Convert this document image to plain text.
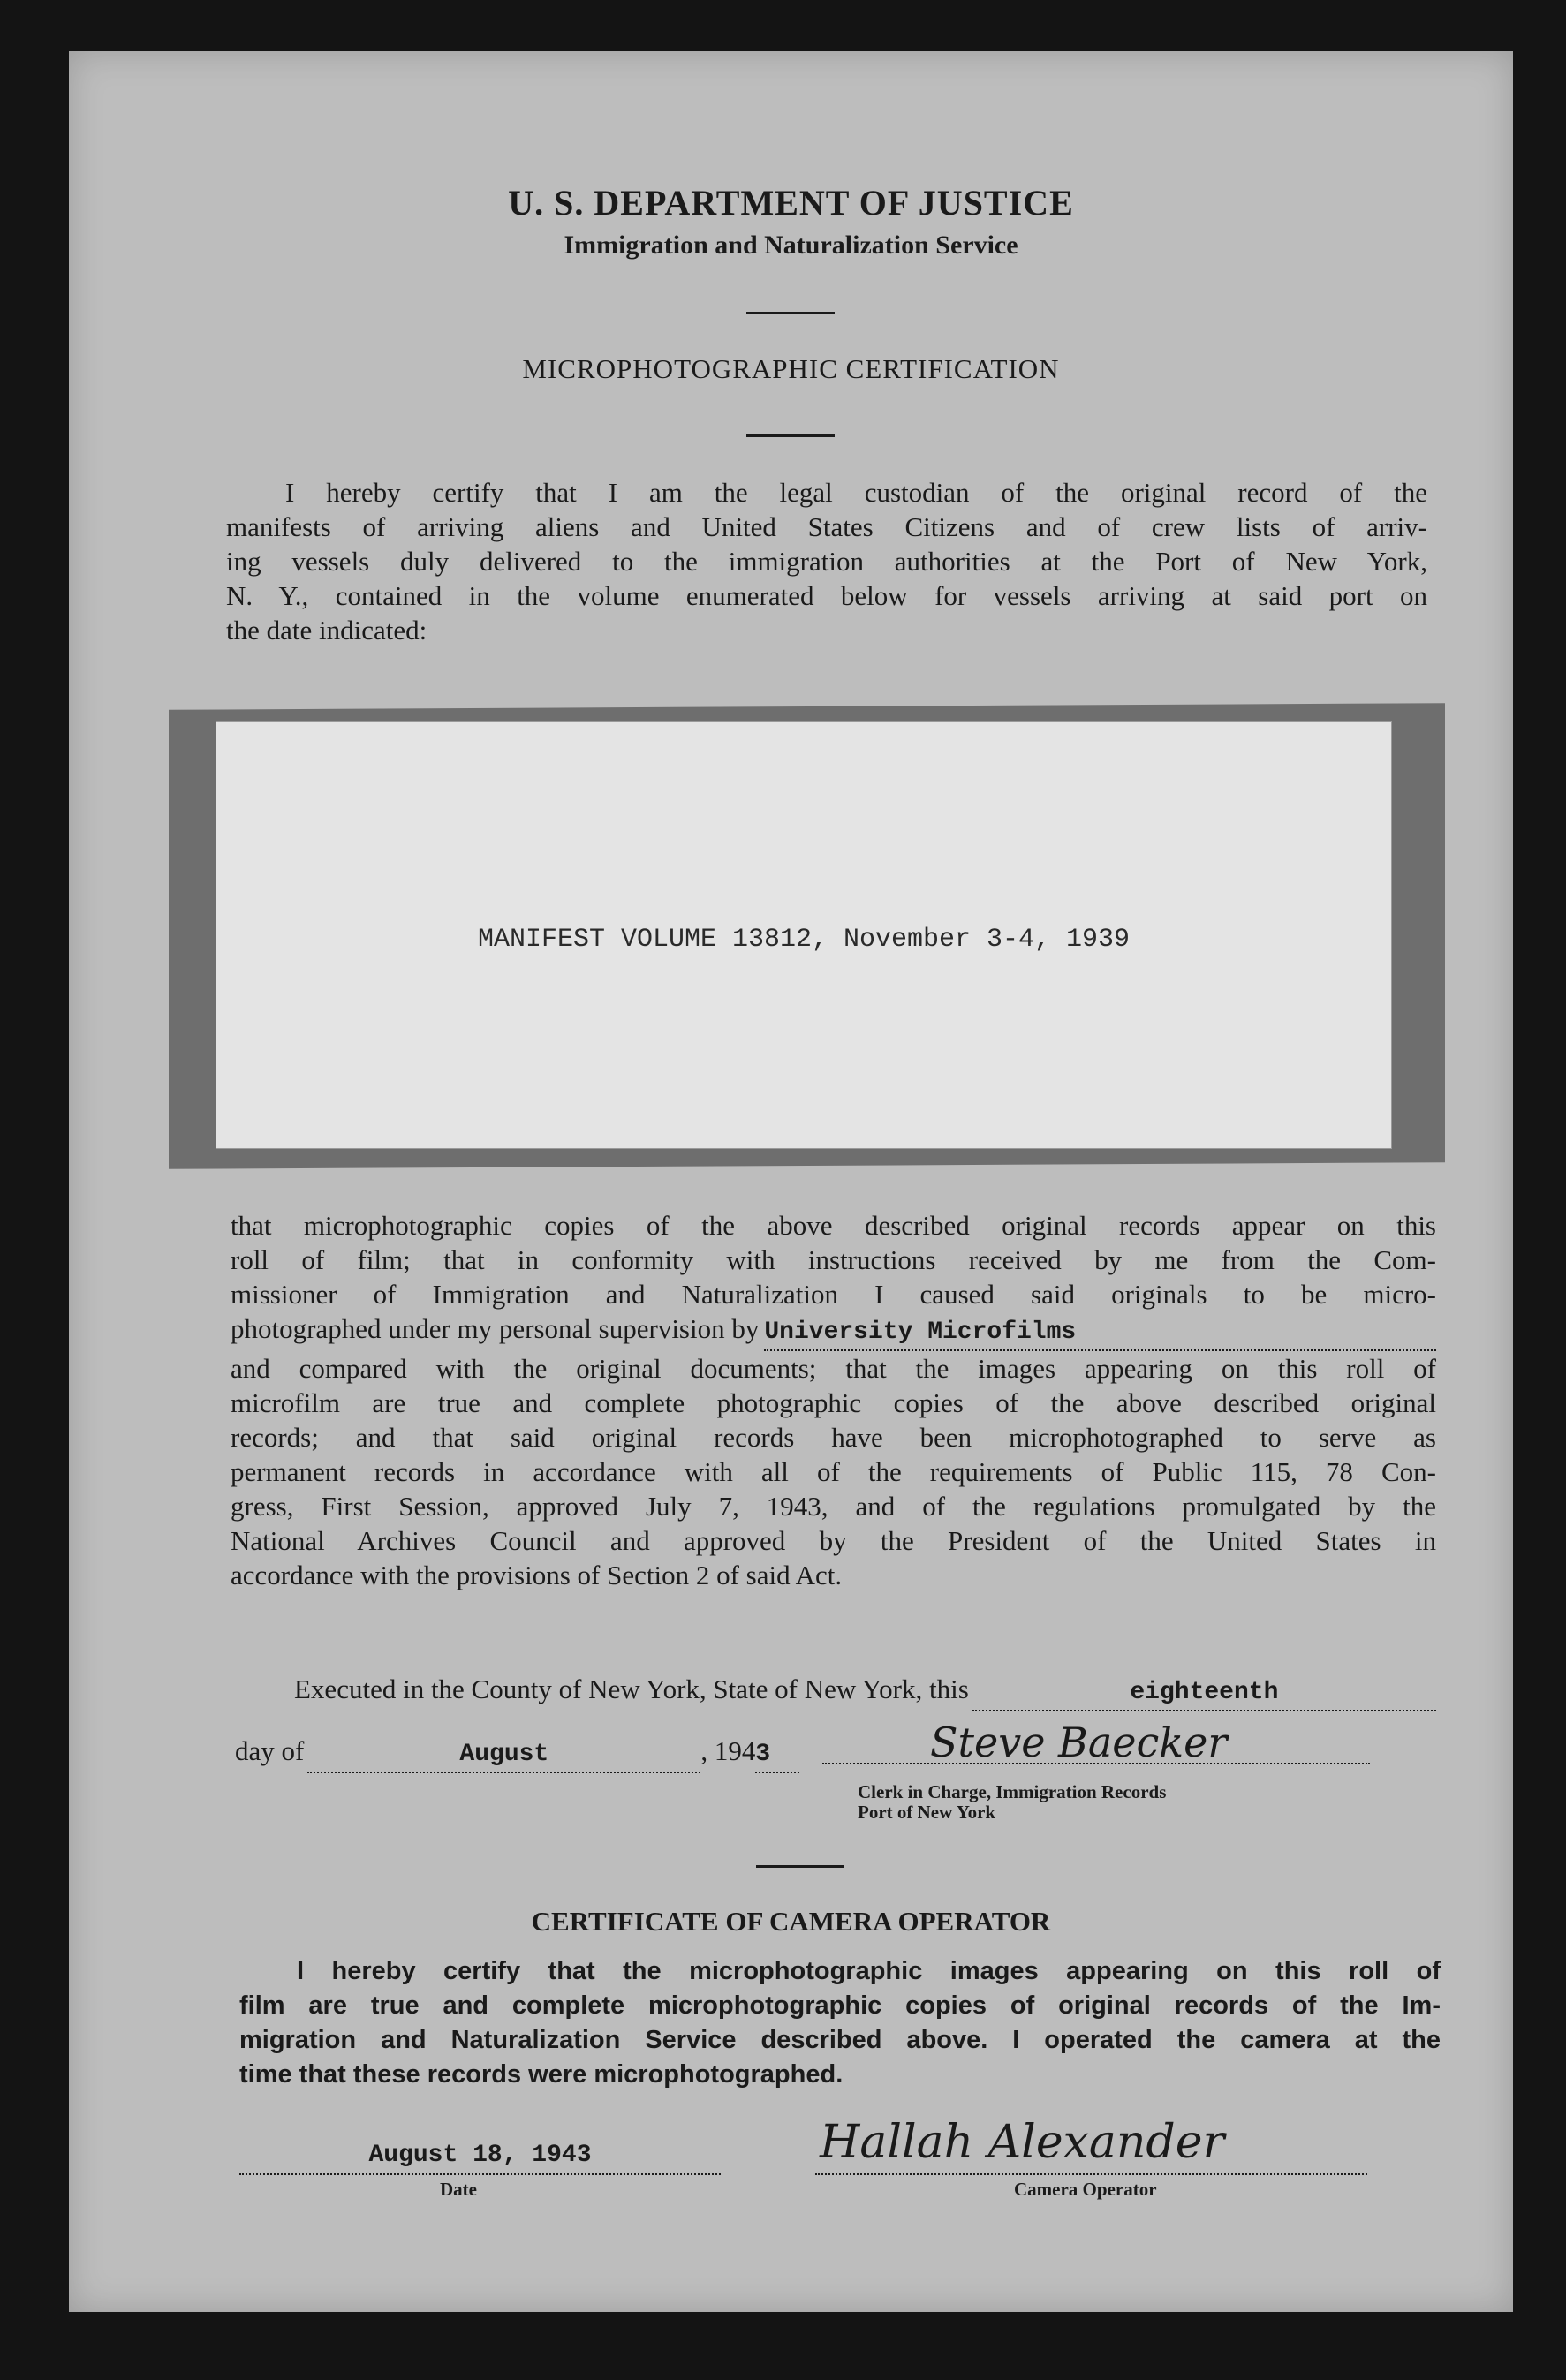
U. S. DEPARTMENT OF JUSTICE
Immigration and Naturalization Service
MICROPHOTOGRAPHIC CERTIFICATION
I hereby certify that I am the legal custodian of the original record of the
manifests of arriving aliens and United States Citizens and of crew lists of arriv-
ing vessels duly delivered to the immigration authorities at the Port of New York,
N. Y., contained in the volume enumerated below for vessels arriving at said port on
the date indicated:
MANIFEST VOLUME 13812, November 3-4, 1939
that microphotographic copies of the above described original records appear on this
roll of film; that in conformity with instructions received by me from the Com-
missioner of Immigration and Naturalization I caused said originals to be micro-
photographed under my personal supervision by University Microfilms
and compared with the original documents; that the images appearing on this roll of
microfilm are true and complete photographic copies of the above described original
records; and that said original records have been microphotographed to serve as
permanent records in accordance with all of the requirements of Public 115, 78 Con-
gress, First Session, approved July 7, 1943, and of the regulations promulgated by the
National Archives Council and approved by the President of the United States in
accordance with the provisions of Section 2 of said Act.
Executed in the County of New York, State of New York, this	eighteenth
day of	August	, 194 3	Steve Baecker
Clerk in Charge, Immigration Records
Port of New York
CERTIFICATE OF CAMERA OPERATOR
I hereby certify that the microphotographic images appearing on this roll of
film are true and complete microphotographic copies of original records of the Im-
migration and Naturalization Service described above. I operated the camera at the
time that these records were microphotographed.
August 18, 1943
Date
Hallah Alexander
Camera Operator
